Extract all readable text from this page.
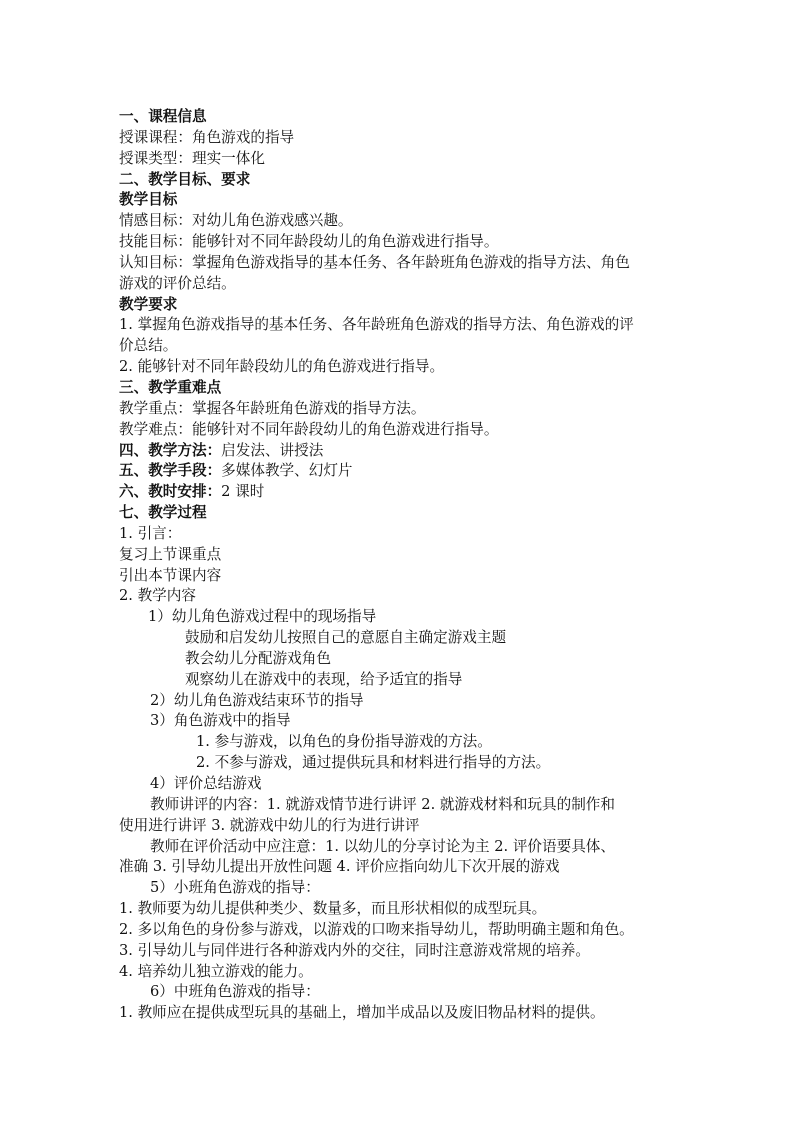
一、课程信息
授课课程：角色游戏的指导
授课类型：理实一体化
二、教学目标、要求
教学目标
情感目标：对幼儿角色游戏感兴趣。
技能目标：能够针对不同年龄段幼儿的角色游戏进行指导。
认知目标：掌握角色游戏指导的基本任务、各年龄班角色游戏的指导方法、角色
游戏的评价总结。
教学要求
1. 掌握角色游戏指导的基本任务、各年龄班角色游戏的指导方法、角色游戏的评
价总结。
2. 能够针对不同年龄段幼儿的角色游戏进行指导。
三、教学重难点
教学重点：掌握各年龄班角色游戏的指导方法。
教学难点：能够针对不同年龄段幼儿的角色游戏进行指导。
四、教学方法：启发法、讲授法
五、教学手段：多媒体教学、幻灯片
六、教时安排：2 课时
七、教学过程
1. 引言：
复习上节课重点
引出本节课内容
2. 教学内容
1）幼儿角色游戏过程中的现场指导
鼓励和启发幼儿按照自己的意愿自主确定游戏主题
教会幼儿分配游戏角色
观察幼儿在游戏中的表现，给予适宜的指导
2）幼儿角色游戏结束环节的指导
3）角色游戏中的指导
1. 参与游戏，以角色的身份指导游戏的方法。
2. 不参与游戏，通过提供玩具和材料进行指导的方法。
4）评价总结游戏
教师讲评的内容：1. 就游戏情节进行讲评 2. 就游戏材料和玩具的制作和
使用进行讲评 3. 就游戏中幼儿的行为进行讲评
教师在评价活动中应注意：1. 以幼儿的分享讨论为主 2. 评价语要具体、
准确 3. 引导幼儿提出开放性问题 4. 评价应指向幼儿下次开展的游戏
5）小班角色游戏的指导：
1. 教师要为幼儿提供种类少、数量多，而且形状相似的成型玩具。
2. 多以角色的身份参与游戏，以游戏的口吻来指导幼儿，帮助明确主题和角色。
3. 引导幼儿与同伴进行各种游戏内外的交往，同时注意游戏常规的培养。
4. 培养幼儿独立游戏的能力。
6）中班角色游戏的指导：
1. 教师应在提供成型玩具的基础上，增加半成品以及废旧物品材料的提供。
